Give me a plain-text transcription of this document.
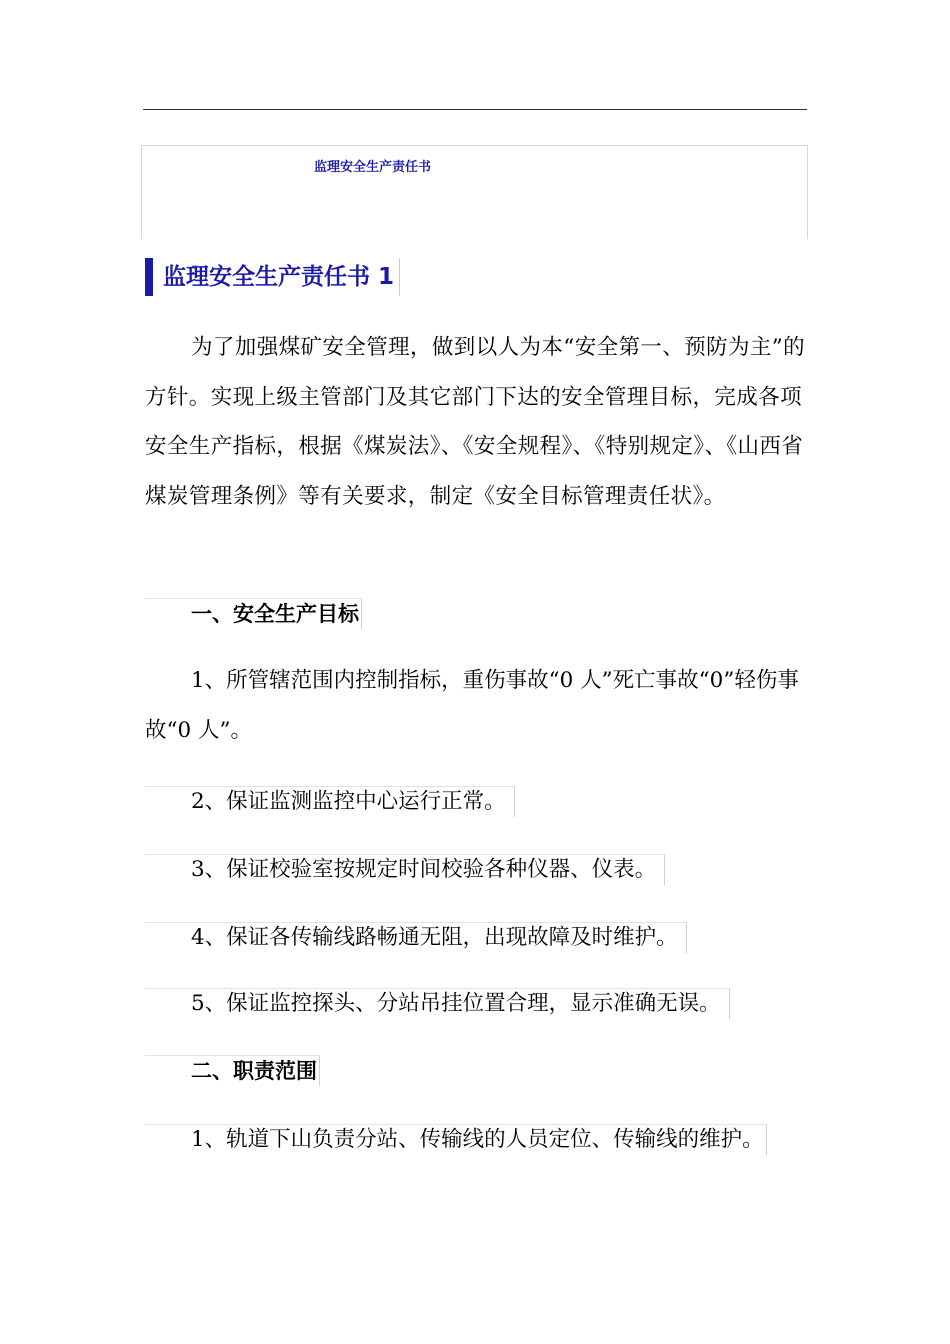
监理安全生产责任书
监理安全生产责任书 1

为了加强煤矿安全管理，做到以人为本“安全第一、预防为主”的方针。实现上级主管部门及其它部门下达的安全管理目标，完成各项安全生产指标，根据《煤炭法》、《安全规程》、《特别规定》、《山西省煤炭管理条例》等有关要求，制定《安全目标管理责任状》。

一、安全生产目标

1、所管辖范围内控制指标，重伤事故“0 人”死亡事故“0”轻伤事故“0 人”。

2、保证监测监控中心运行正常。
3、保证校验室按规定时间校验各种仪器、仪表。
4、保证各传输线路畅通无阻，出现故障及时维护。
5、保证监控探头、分站吊挂位置合理，显示准确无误。
二、职责范围
1、轨道下山负责分站、传输线的人员定位、传输线的维护。
